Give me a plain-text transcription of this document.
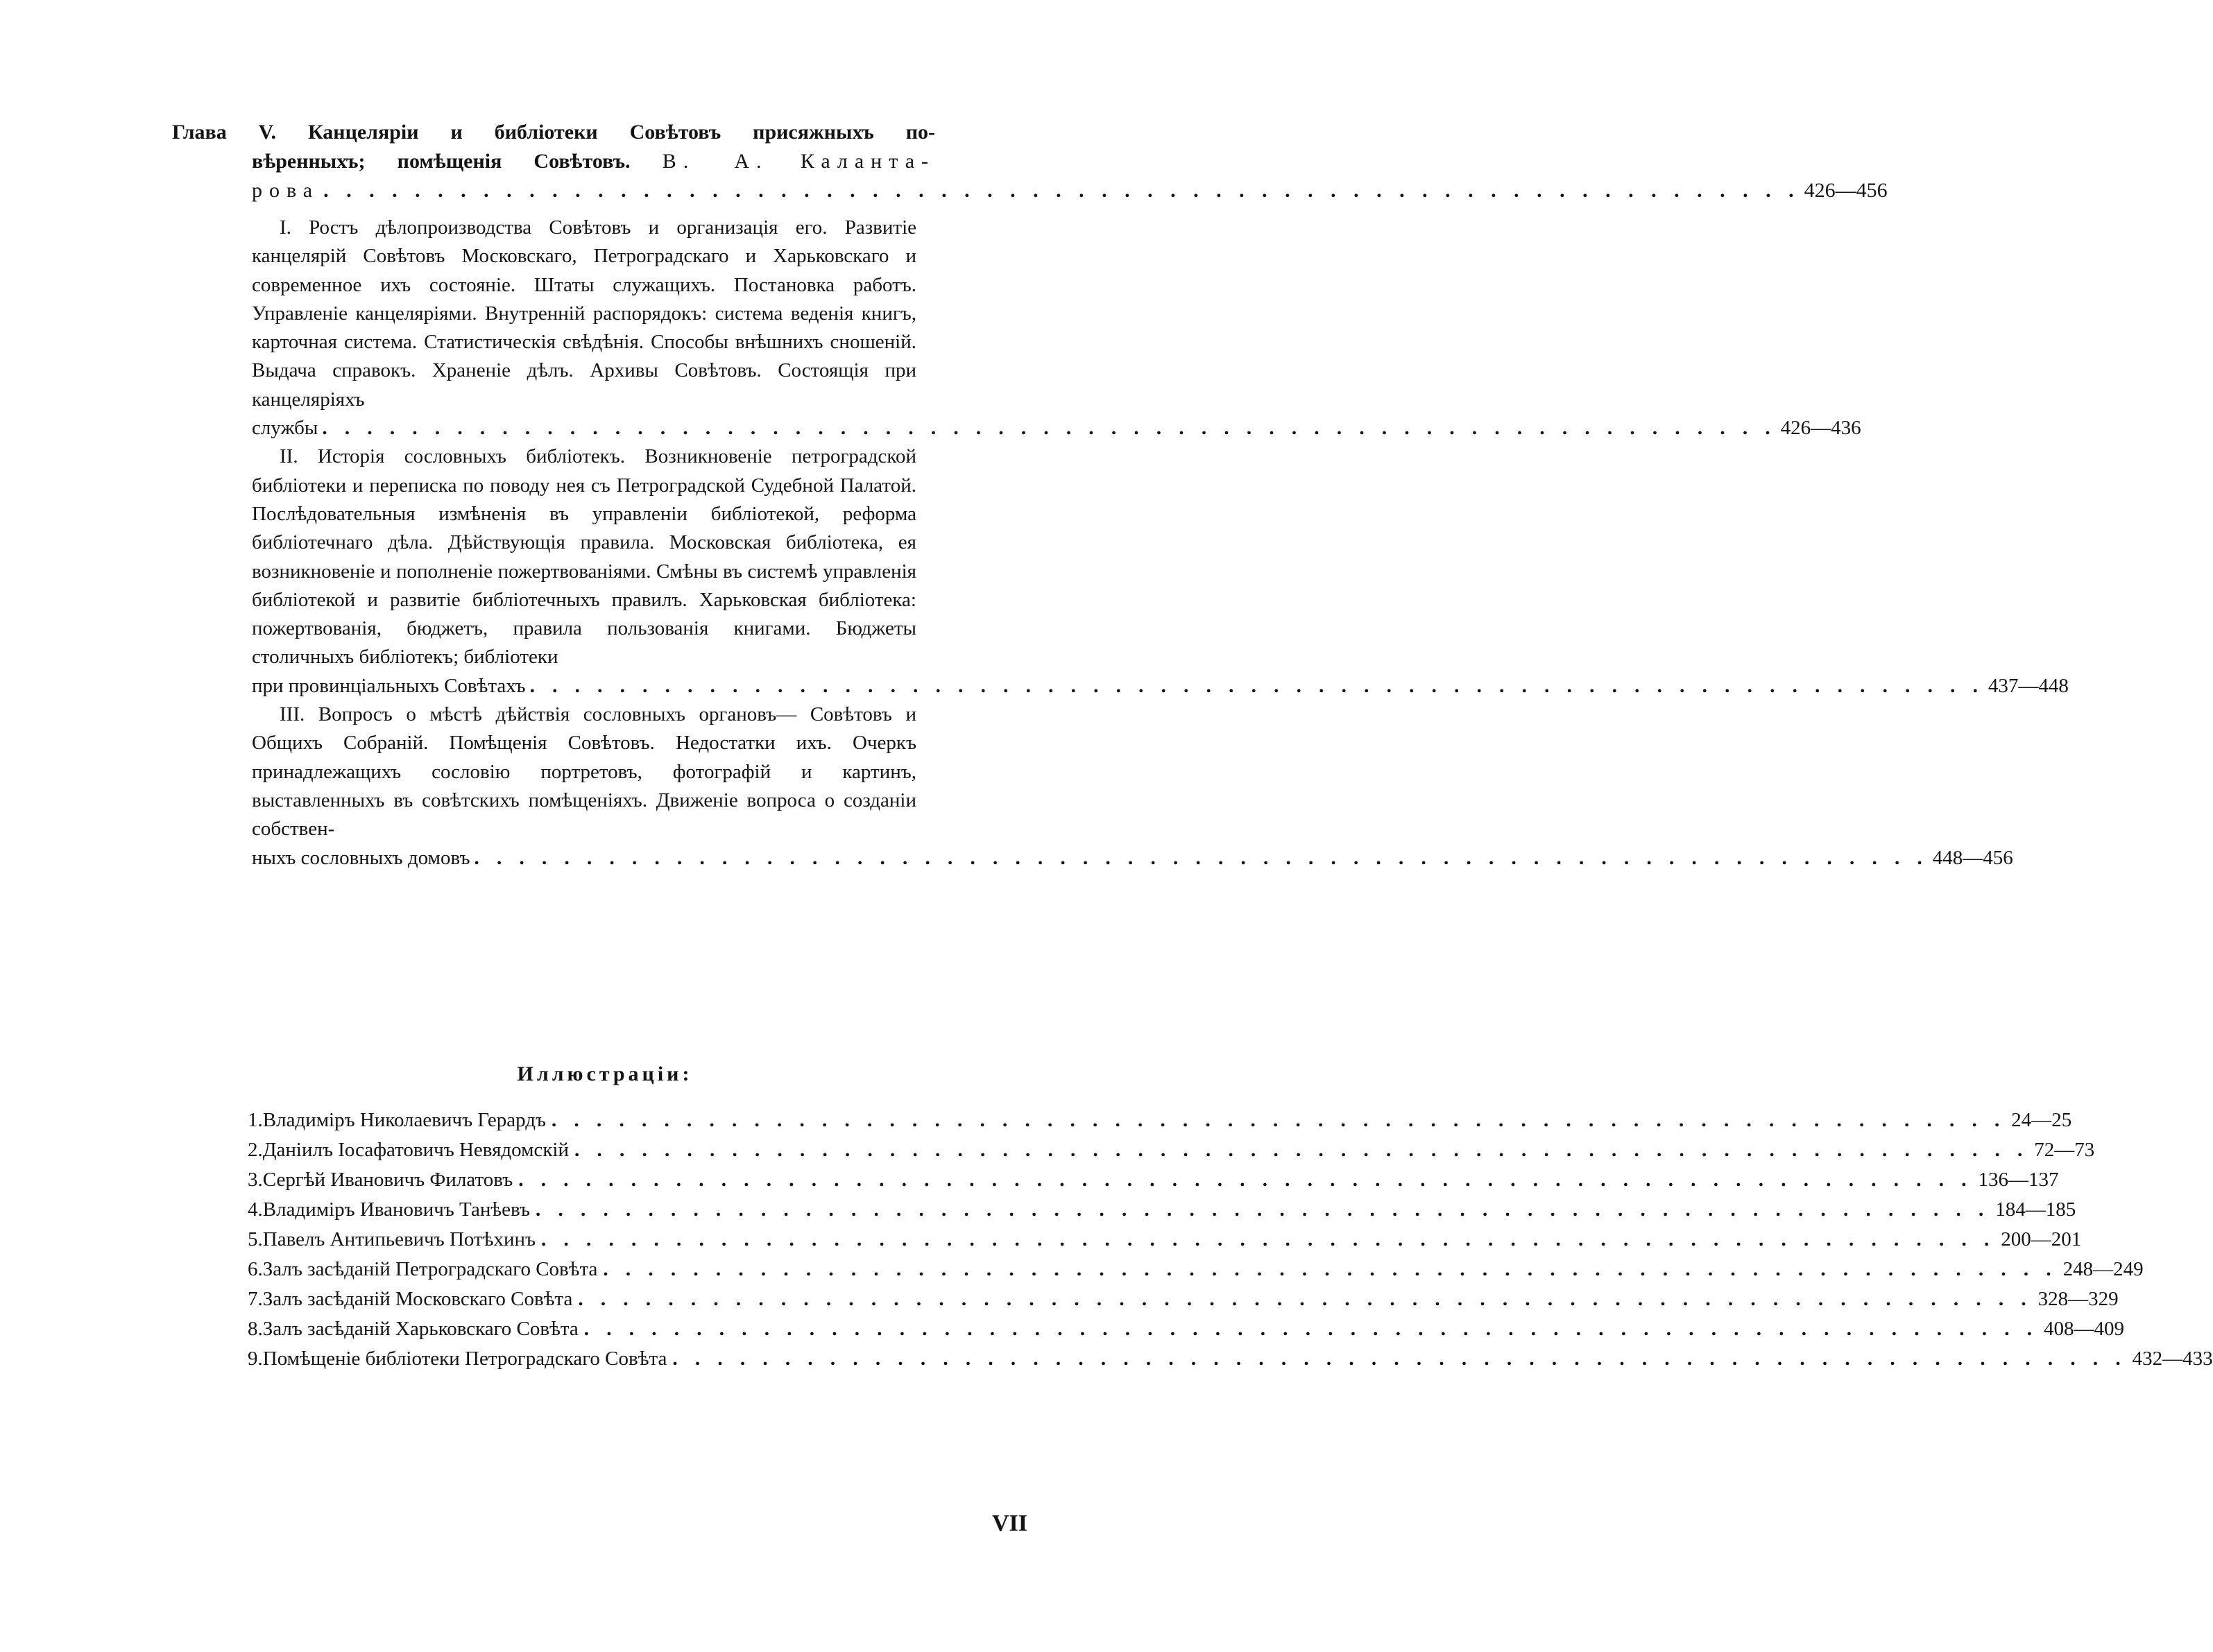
Глава V. Канцеляріи и библіотеки Совѣтовъ присяжныхъ по-
вѣренныхъ; помѣщенія Совѣтовъ. В. А. Каланта-
рова . . . . . . . . . . . . . . . . . . . . . . . . . . . . . . . . . . . . . . . . . . . . . . . . . . . . . . . . . . . . . . . . . 426—456
I. Ростъ дѣлопроизводства Совѣтовъ и организація его. Развитіе канцелярій Совѣтовъ Московскаго, Петроградскаго и Харьковскаго и современное ихъ состояніе. Штаты служащихъ. Постановка работъ. Управленіе канцеляріями. Внутренній распорядокъ: система веденія книгъ, карточная система. Статистическія свѣдѣнія. Способы внѣшнихъ сношеній. Выдача справокъ. Храненіе дѣлъ. Архивы Совѣтовъ. Состоящія при канцеляріяхъ
службы . . . . . . . . . . . . . . . . . . . . . . . . . . . . . . . . . . . . . . . . . . . . . . . . . . . . . . . . . . . . . . . . . 426—436
II. Исторія сословныхъ библіотекъ. Возникновеніе петроградской библіотеки и переписка по поводу нея съ Петроградской Судебной Палатой. Послѣдовательныя измѣненія въ управленіи библіотекой, реформа библіотечнаго дѣла. Дѣйствующія правила. Московская библіотека, ея возникновеніе и пополненіе пожертвованіями. Смѣны въ системѣ управленія библіотекой и развитіе библіотечныхъ правилъ. Харьковская библіотека: пожертвованія, бюджетъ, правила пользованія книгами. Бюджеты столичныхъ библіотекъ; библіотеки
при провинціальныхъ Совѣтахъ . . . . . . . . . . . . . . . . . . . . . . . . . . . . . . . . . . . . . . . . . . . . . . . . . . . . . . . . . . . . . . . . . 437—448
III. Вопросъ о мѣстѣ дѣйствія сословныхъ органовъ— Совѣтовъ и Общихъ Собраній. Помѣщенія Совѣтовъ. Недостатки ихъ. Очеркъ принадлежащихъ сословію портретовъ, фотографій и картинъ, выставленныхъ въ совѣтскихъ помѣщеніяхъ. Движеніе вопроса о созданіи собствен-
ныхъ сословныхъ домовъ . . . . . . . . . . . . . . . . . . . . . . . . . . . . . . . . . . . . . . . . . . . . . . . . . . . . . . . . . . . . . . . . . 448—456
Иллюстраціи:
1. Владиміръ Николаевичъ Герардъ . . . . . . . . . . . . . . . . . . . . . . . . . . . . . . . . . . . . . . . . . . . . . . . . . . . . . . . . . . . . . . . . . 24—25
2. Даніилъ Іосафатовичъ Невядомскій . . . . . . . . . . . . . . . . . . . . . . . . . . . . . . . . . . . . . . . . . . . . . . . . . . . . . . . . . . . . . . . . . 72—73
3. Сергѣй Ивановичъ Филатовъ . . . . . . . . . . . . . . . . . . . . . . . . . . . . . . . . . . . . . . . . . . . . . . . . . . . . . . . . . . . . . . . . . 136—137
4. Владиміръ Ивановичъ Танѣевъ . . . . . . . . . . . . . . . . . . . . . . . . . . . . . . . . . . . . . . . . . . . . . . . . . . . . . . . . . . . . . . . . . 184—185
5. Павелъ Антипьевичъ Потѣхинъ . . . . . . . . . . . . . . . . . . . . . . . . . . . . . . . . . . . . . . . . . . . . . . . . . . . . . . . . . . . . . . . . . 200—201
6. Залъ засѣданій Петроградскаго Совѣта . . . . . . . . . . . . . . . . . . . . . . . . . . . . . . . . . . . . . . . . . . . . . . . . . . . . . . . . . . . . . . . . . 248—249
7. Залъ засѣданій Московскаго Совѣта . . . . . . . . . . . . . . . . . . . . . . . . . . . . . . . . . . . . . . . . . . . . . . . . . . . . . . . . . . . . . . . . . 328—329
8. Залъ засѣданій Харьковскаго Совѣта . . . . . . . . . . . . . . . . . . . . . . . . . . . . . . . . . . . . . . . . . . . . . . . . . . . . . . . . . . . . . . . . . 408—409
9. Помѣщеніе библіотеки Петроградскаго Совѣта . . . . . . . . . . . . . . . . . . . . . . . . . . . . . . . . . . . . . . . . . . . . . . . . . . . . . . . . . . . . . . . . . 432—433
VII
